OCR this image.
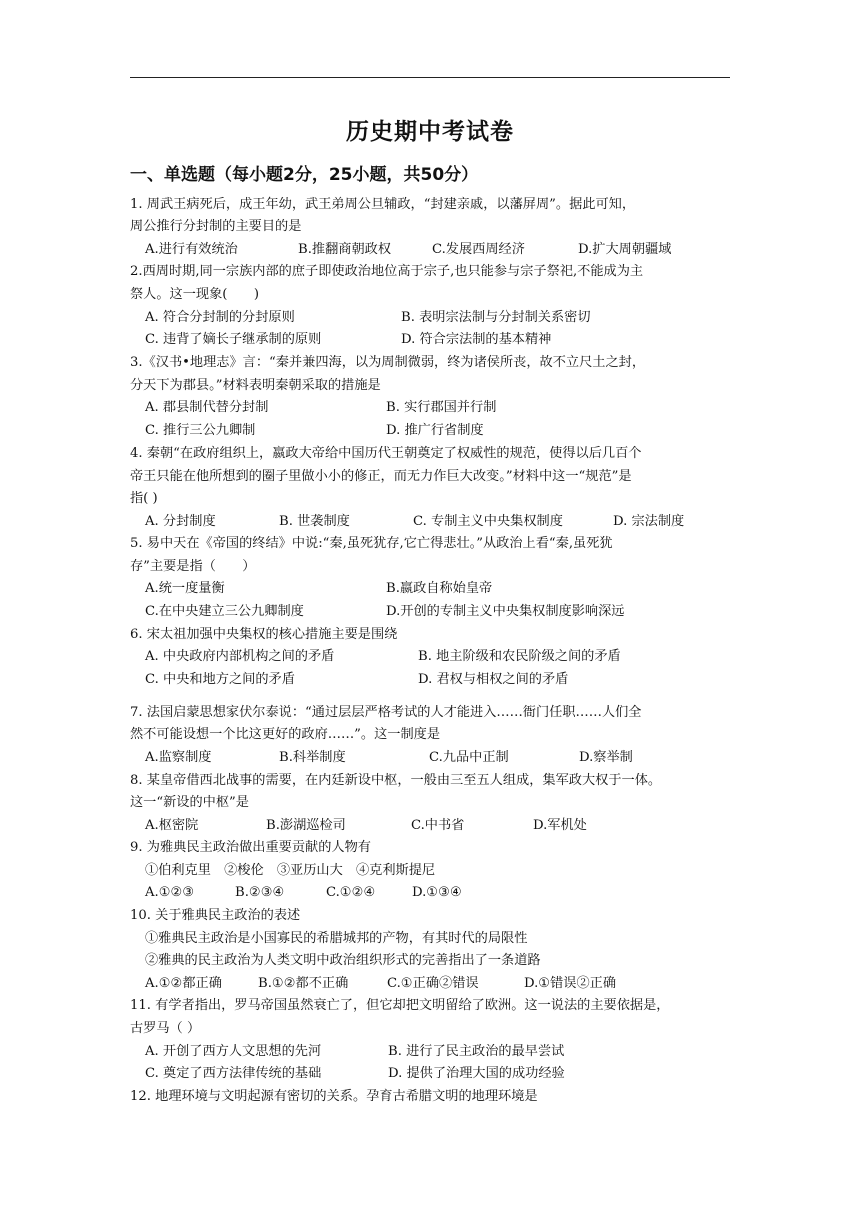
历史期中考试卷
一、单选题（每小题2分，25小题，共50分）
1. 周武王病死后，成王年幼，武王弟周公旦辅政，“封建亲戚，以藩屏周”。据此可知，
周公推行分封制的主要目的是
A.进行有效统治	B.推翻商朝政权	C.发展西周经济	D.扩大周朝疆域
2.西周时期,同一宗族内部的庶子即使政治地位高于宗子,也只能参与宗子祭祀,不能成为主
祭人。这一现象(　　)
A. 符合分封制的分封原则	B. 表明宗法制与分封制关系密切
C. 违背了嫡长子继承制的原则	D. 符合宗法制的基本精神
3.《汉书•地理志》言：“秦并兼四海，以为周制微弱，终为诸侯所丧，故不立尺土之封，
分天下为郡县。”材料表明秦朝采取的措施是
A. 郡县制代替分封制	B. 实行郡国并行制
C. 推行三公九卿制	D. 推广行省制度
4. 秦朝“在政府组织上，嬴政大帝给中国历代王朝奠定了权威性的规范，使得以后几百个
帝王只能在他所想到的圈子里做小小的修正，而无力作巨大改变。”材料中这一“规范”是
指( )
A. 分封制度	B. 世袭制度	C. 专制主义中央集权制度	D. 宗法制度
5. 易中天在《帝国的终结》中说:“秦,虽死犹存,它亡得悲壮。”从政治上看“秦,虽死犹
存”主要是指（　　）
A.统一度量衡	B.嬴政自称始皇帝
C.在中央建立三公九卿制度	D.开创的专制主义中央集权制度影响深远
6. 宋太祖加强中央集权的核心措施主要是围绕
A. 中央政府内部机构之间的矛盾	B. 地主阶级和农民阶级之间的矛盾
C. 中央和地方之间的矛盾	D. 君权与相权之间的矛盾
7. 法国启蒙思想家伏尔泰说：“通过层层严格考试的人才能进入……衙门任职……人们全
然不可能设想一个比这更好的政府……”。这一制度是
A.监察制度	B.科举制度	C.九品中正制	D.察举制
8. 某皇帝借西北战事的需要，在内廷新设中枢，一般由三至五人组成，集军政大权于一体。
这一“新设的中枢”是
A.枢密院	B.澎湖巡检司	C.中书省	D.军机处
9. 为雅典民主政治做出重要贡献的人物有
①伯利克里　②梭伦　③亚历山大　④克利斯提尼
A.①②③	B.②③④	C.①②④	D.①③④
10. 关于雅典民主政治的表述
①雅典民主政治是小国寡民的希腊城邦的产物，有其时代的局限性
②雅典的民主政治为人类文明中政治组织形式的完善指出了一条道路
A.①②都正确	B.①②都不正确	C.①正确②错误	D.①错误②正确
11. 有学者指出，罗马帝国虽然衰亡了，但它却把文明留给了欧洲。这一说法的主要依据是，
古罗马（ ）
A. 开创了西方人文思想的先河	B. 进行了民主政治的最早尝试
C. 奠定了西方法律传统的基础	D. 提供了治理大国的成功经验
12. 地理环境与文明起源有密切的关系。孕育古希腊文明的地理环境是
